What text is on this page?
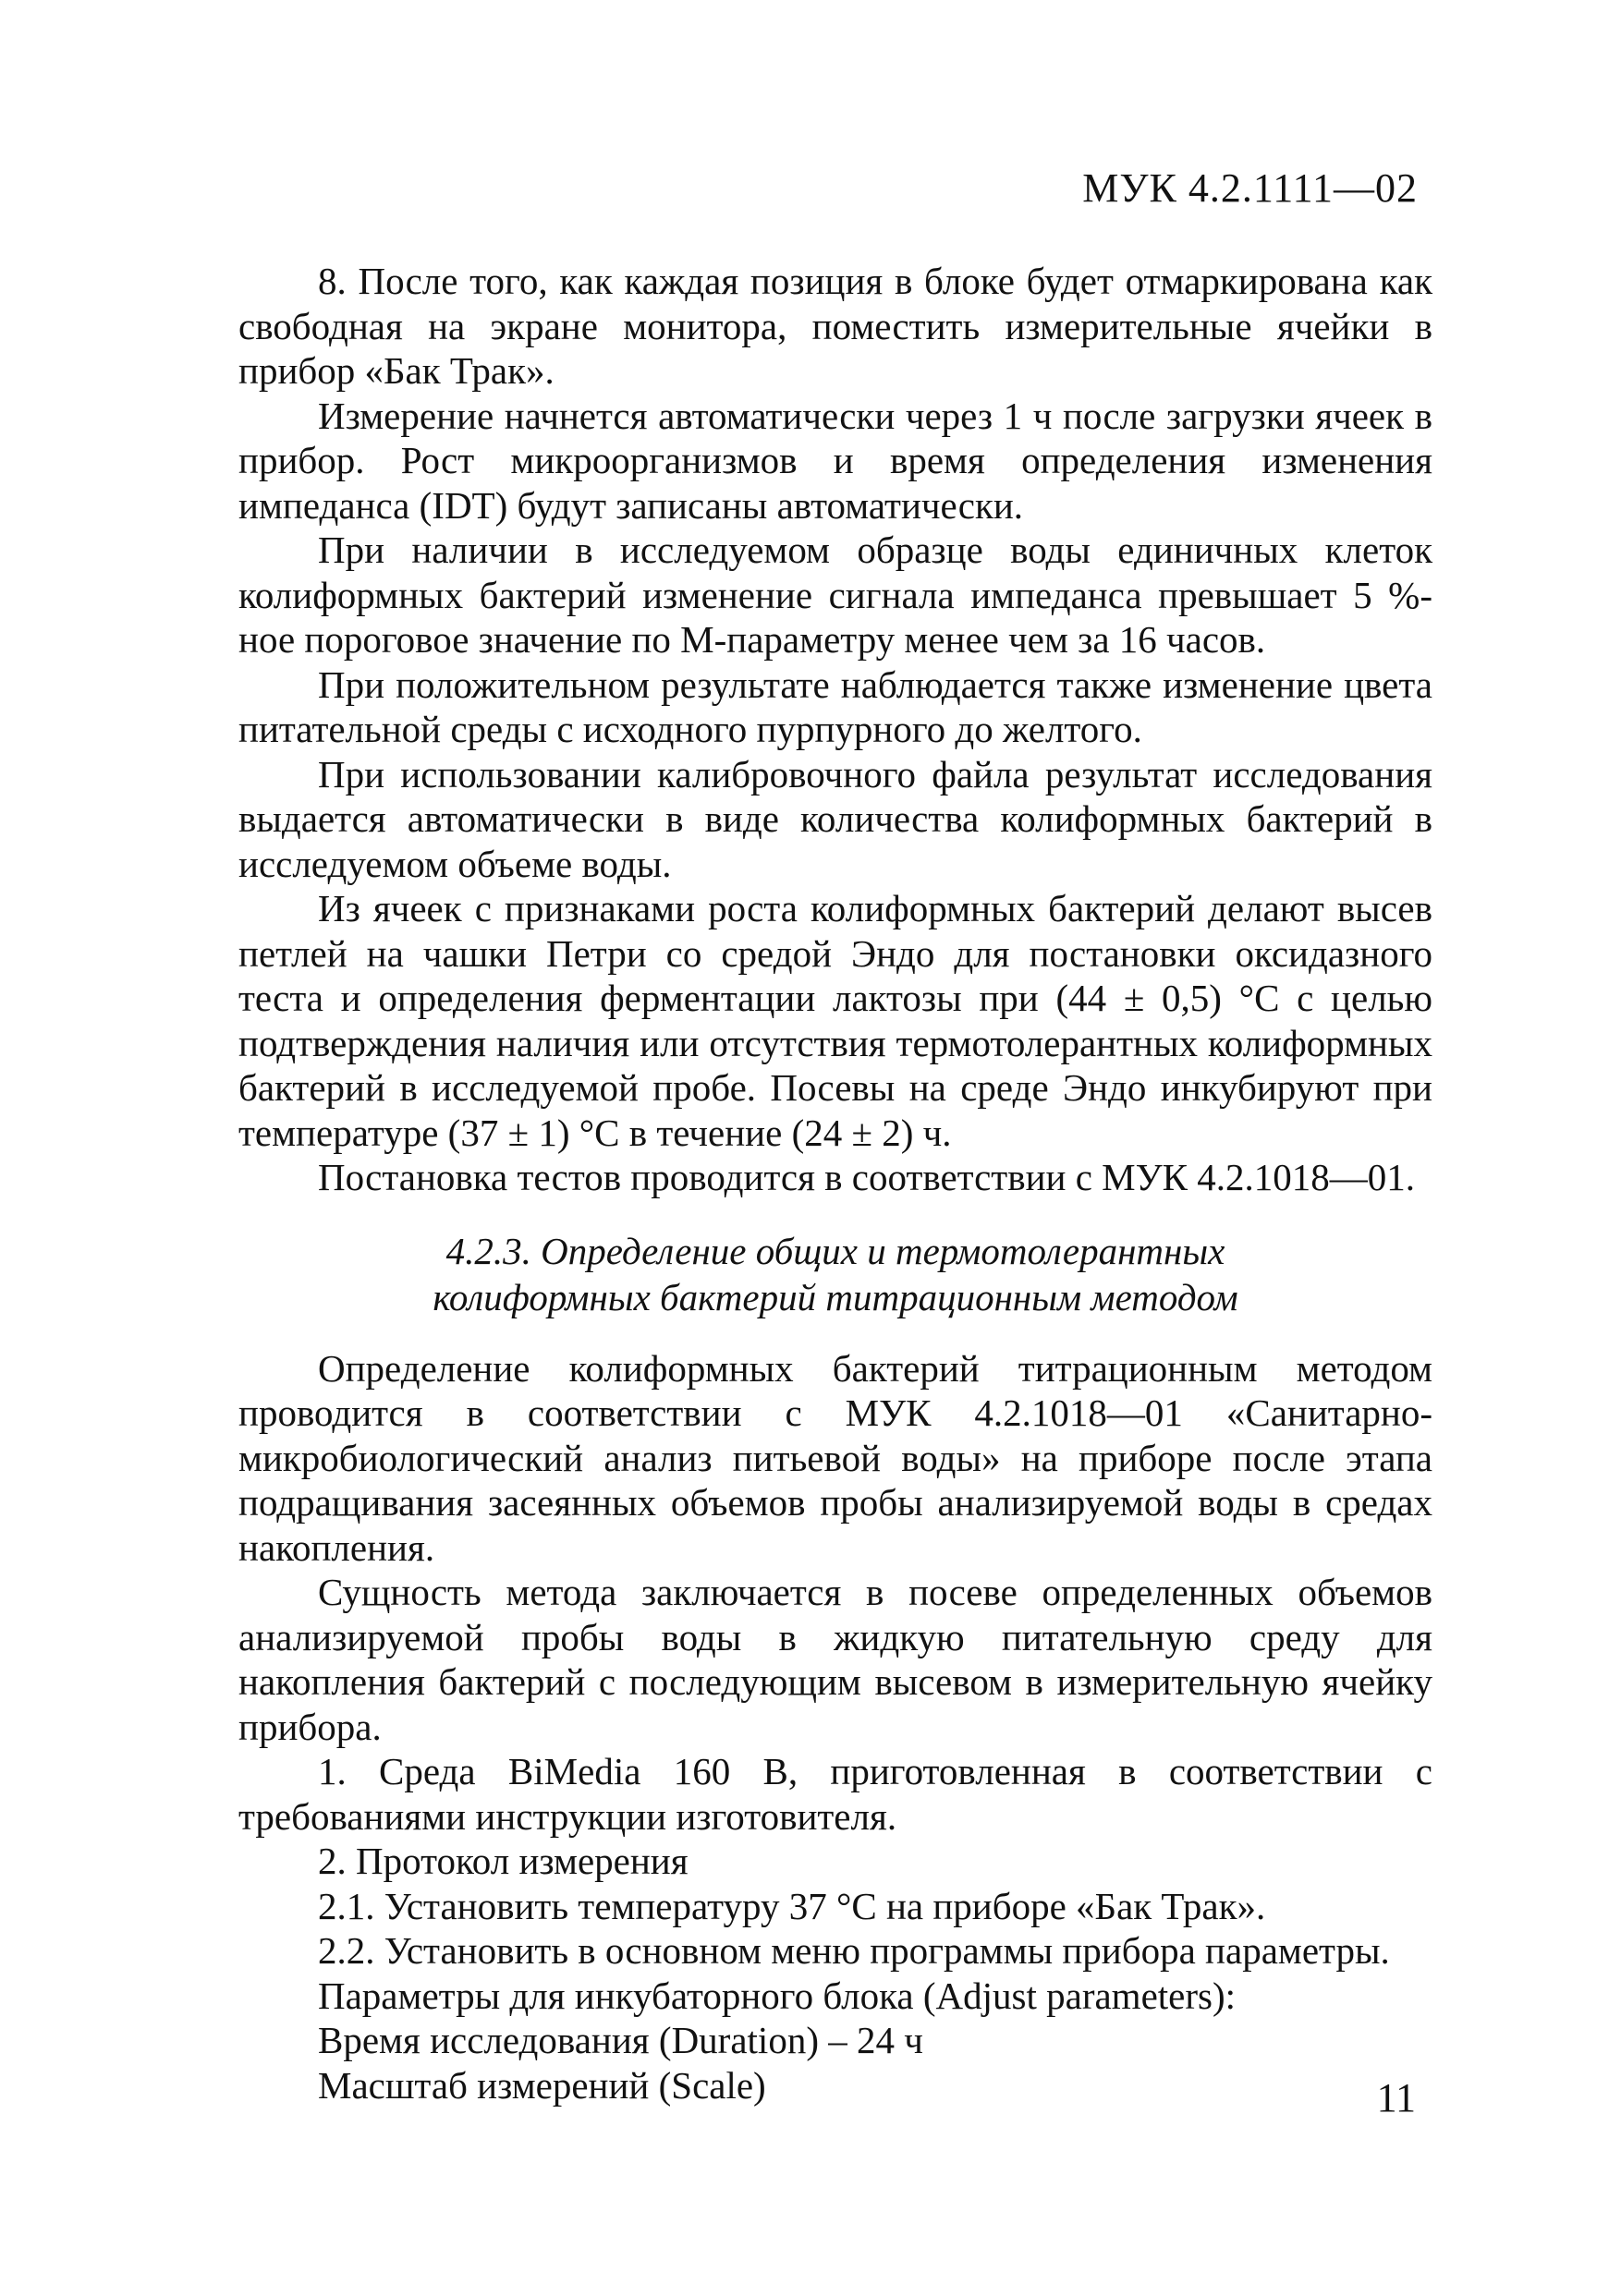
МУК 4.2.1111—02

8. После того, как каждая позиция в блоке будет отмаркирована как свободная на экране монитора, поместить измерительные ячейки в прибор «Бак Трак».

Измерение начнется автоматически через 1 ч после загрузки ячеек в прибор. Рост микроорганизмов и время определения изменения импеданса (IDT) будут записаны автоматически.

При наличии в исследуемом образце воды единичных клеток колиформных бактерий изменение сигнала импеданса превышает 5 %-ное пороговое значение по М-параметру менее чем за 16 часов.

При положительном результате наблюдается также изменение цвета питательной среды с исходного пурпурного до желтого.

При использовании калибровочного файла результат исследования выдается автоматически в виде количества колиформных бактерий в исследуемом объеме воды.

Из ячеек с признаками роста колиформных бактерий делают высев петлей на чашки Петри со средой Эндо для постановки оксидазного теста и определения ферментации лактозы при (44 ± 0,5) °С с целью подтверждения наличия или отсутствия термотолерантных колиформных бактерий в исследуемой пробе. Посевы на среде Эндо инкубируют при температуре (37 ± 1) °С в течение (24 ± 2) ч.

Постановка тестов проводится в соответствии с МУК 4.2.1018—01.

4.2.3. Определение общих и термотолерантных
колиформных бактерий титрационным методом

Определение колиформных бактерий титрационным методом проводится в соответствии с МУК 4.2.1018—01 «Санитарно-микробиологический анализ питьевой воды» на приборе после этапа подращивания засеянных объемов пробы анализируемой воды в средах накопления.

Сущность метода заключается в посеве определенных объемов анализируемой пробы воды в жидкую питательную среду для накопления бактерий с последующим высевом в измерительную ячейку прибора.

1. Среда BiMedia 160 B, приготовленная в соответствии с требованиями инструкции изготовителя.

2. Протокол измерения

2.1. Установить температуру 37 °С на приборе «Бак Трак».

2.2. Установить в основном меню программы прибора параметры.

Параметры для инкубаторного блока (Adjust parameters):

Время исследования (Duration) – 24 ч

Масштаб измерений (Scale)	11
